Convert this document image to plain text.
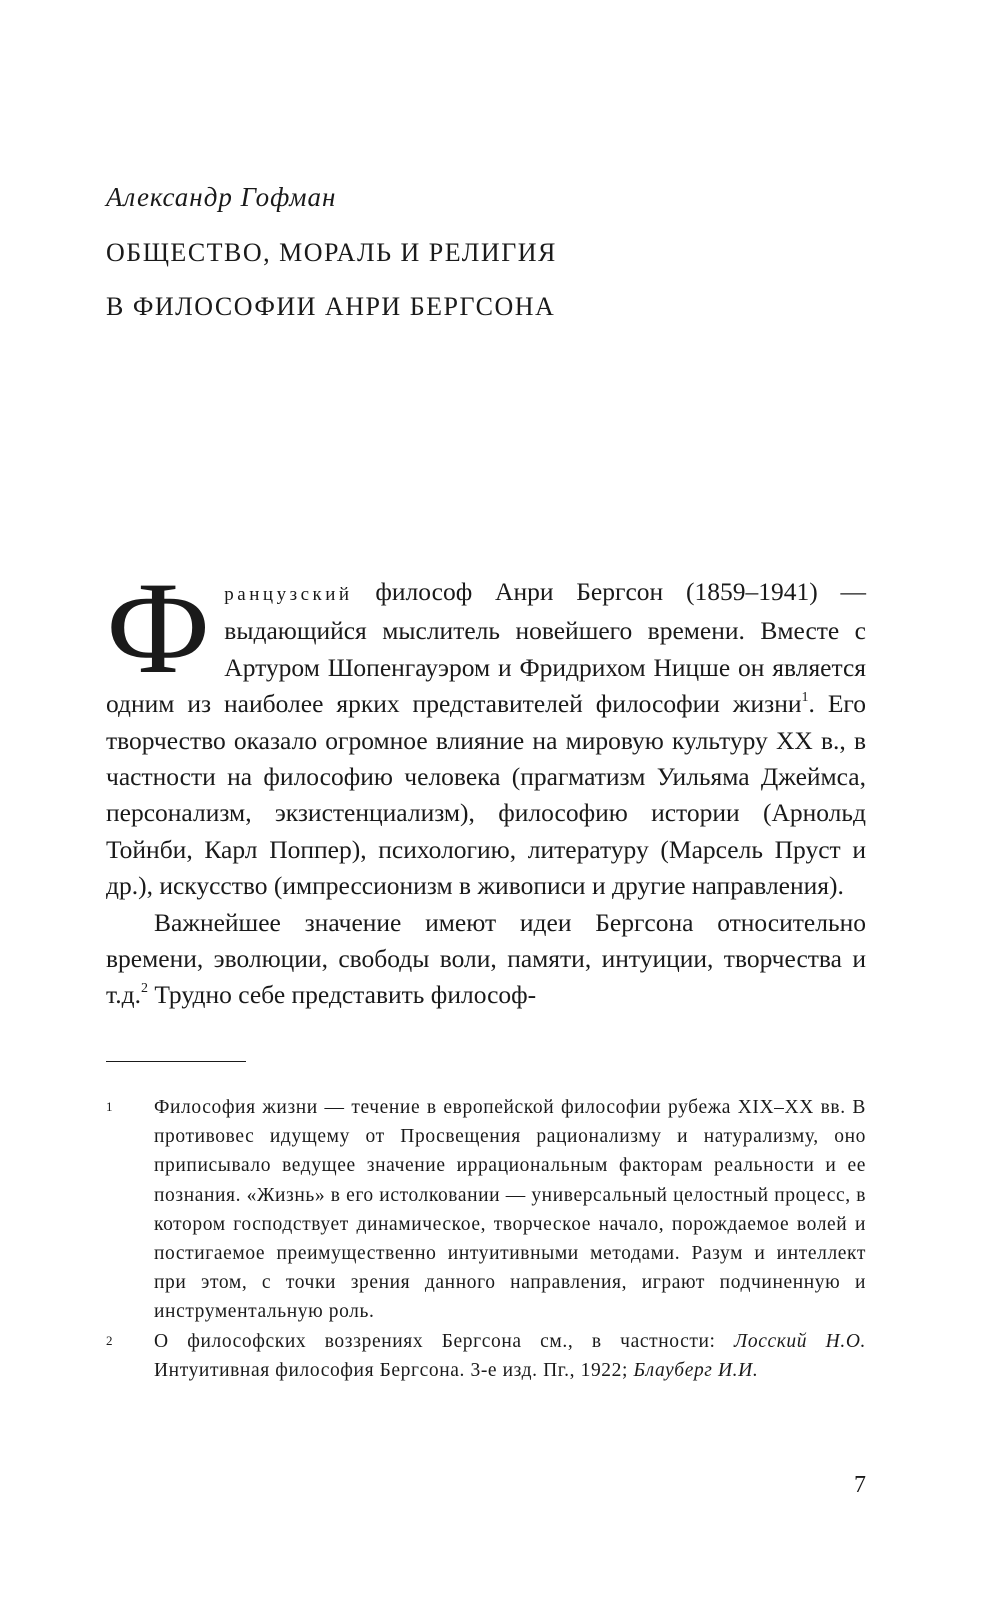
Александр Гофман
ОБЩЕСТВО, МОРАЛЬ И РЕЛИГИЯ
В ФИЛОСОФИИ АНРИ БЕРГСОНА

Французский философ Анри Бергсон (1859–1941) — выдающийся мыслитель новейшего времени. Вместе с Артуром Шопенгауэром и Фридрихом Ницше он является одним из наиболее ярких представителей философии жизни$^1$. Его творчество оказало огромное влияние на мировую культуру XX в., в частности на философию человека (прагматизм Уильяма Джеймса, персонализм, экзистенциализм), философию истории (Арнольд Тойнби, Карл Поппер), психологию, литературу (Марсель Пруст и др.), искусство (импрессионизм в живописи и другие направления).

Важнейшее значение имеют идеи Бергсона относительно времени, эволюции, свободы воли, памяти, интуиции, творчества и т.д.$^2$ Трудно себе представить философ-

1 Философия жизни — течение в европейской философии рубежа XIX–XX вв. В противовес идущему от Просвещения рационализму и натурализму, оно приписывало ведущее значение иррациональным факторам реальности и ее познания. «Жизнь» в его истолковании — универсальный целостный процесс, в котором господствует динамическое, творческое начало, порождаемое волей и постигаемое преимущественно интуитивными методами. Разум и интеллект при этом, с точки зрения данного направления, играют подчиненную и инструментальную роль.

2 О философских воззрениях Бергсона см., в частности: Лосский Н.О. Интуитивная философия Бергсона. 3-е изд. Пг., 1922; Блауберг И.И.

7
